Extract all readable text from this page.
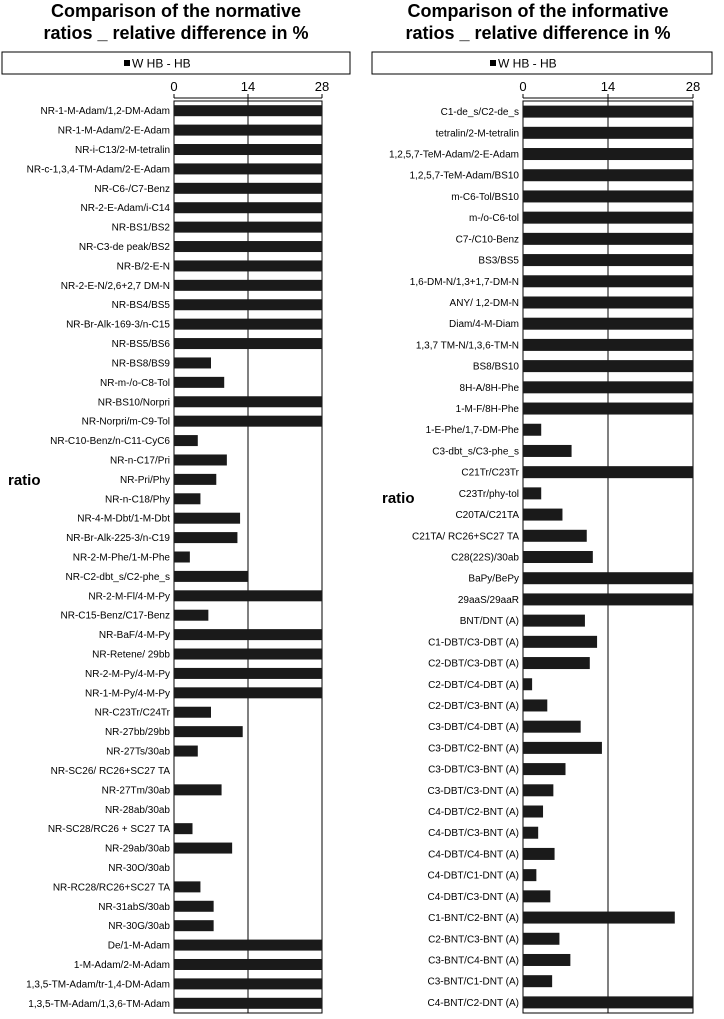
Comparison of the normative
ratios _ relative difference in %
W HB - HB
0	14	28
NR-1-M-Adam/1,2-DM-Adam
NR-1-M-Adam/2-E-Adam
NR-i-C13/2-M-tetralin
NR-c-1,3,4-TM-Adam/2-E-Adam
NR-C6-/C7-Benz
NR-2-E-Adam/i-C14
NR-BS1/BS2
NR-C3-de peak/BS2
NR-B/2-E-N
NR-2-E-N/2,6+2,7 DM-N
NR-BS4/BS5
NR-Br-Alk-169-3/n-C15
NR-BS5/BS6
NR-BS8/BS9
NR-m-/o-C8-Tol
NR-BS10/Norpri
NR-Norpri/m-C9-Tol
NR-C10-Benz/n-C11-CyC6
NR-n-C17/Pri
NR-Pri/Phy
NR-n-C18/Phy
NR-4-M-Dbt/1-M-Dbt
NR-Br-Alk-225-3/n-C19
NR-2-M-Phe/1-M-Phe
NR-C2-dbt_s/C2-phe_s
NR-2-M-Fl/4-M-Py
NR-C15-Benz/C17-Benz
NR-BaF/4-M-Py
NR-Retene/ 29bb
NR-2-M-Py/4-M-Py
NR-1-M-Py/4-M-Py
NR-C23Tr/C24Tr
NR-27bb/29bb
NR-27Ts/30ab
NR-SC26/ RC26+SC27 TA
NR-27Tm/30ab
NR-28ab/30ab
NR-SC28/RC26 + SC27 TA
NR-29ab/30ab
NR-30O/30ab
NR-RC28/RC26+SC27 TA
NR-31abS/30ab
NR-30G/30ab
De/1-M-Adam
1-M-Adam/2-M-Adam
1,3,5-TM-Adam/tr-1,4-DM-Adam
1,3,5-TM-Adam/1,3,6-TM-Adam
ratio
Comparison of the informative
ratios _ relative difference in %
W HB - HB
0	14	28
C1-de_s/C2-de_s
tetralin/2-M-tetralin
1,2,5,7-TeM-Adam/2-E-Adam
1,2,5,7-TeM-Adam/BS10
m-C6-Tol/BS10
m-/o-C6-tol
C7-/C10-Benz
BS3/BS5
1,6-DM-N/1,3+1,7-DM-N
ANY/ 1,2-DM-N
Diam/4-M-Diam
1,3,7 TM-N/1,3,6-TM-N
BS8/BS10
8H-A/8H-Phe
1-M-F/8H-Phe
1-E-Phe/1,7-DM-Phe
C3-dbt_s/C3-phe_s
C21Tr/C23Tr
C23Tr/phy-tol
C20TA/C21TA
C21TA/ RC26+SC27 TA
C28(22S)/30ab
BaPy/BePy
29aaS/29aaR
BNT/DNT (A)
C1-DBT/C3-DBT (A)
C2-DBT/C3-DBT (A)
C2-DBT/C4-DBT (A)
C2-DBT/C3-BNT (A)
C3-DBT/C4-DBT (A)
C3-DBT/C2-BNT (A)
C3-DBT/C3-BNT (A)
C3-DBT/C3-DNT (A)
C4-DBT/C2-BNT (A)
C4-DBT/C3-BNT (A)
C4-DBT/C4-BNT (A)
C4-DBT/C1-DNT (A)
C4-DBT/C3-DNT (A)
C1-BNT/C2-BNT (A)
C2-BNT/C3-BNT (A)
C3-BNT/C4-BNT (A)
C3-BNT/C1-DNT (A)
C4-BNT/C2-DNT (A)
ratio
